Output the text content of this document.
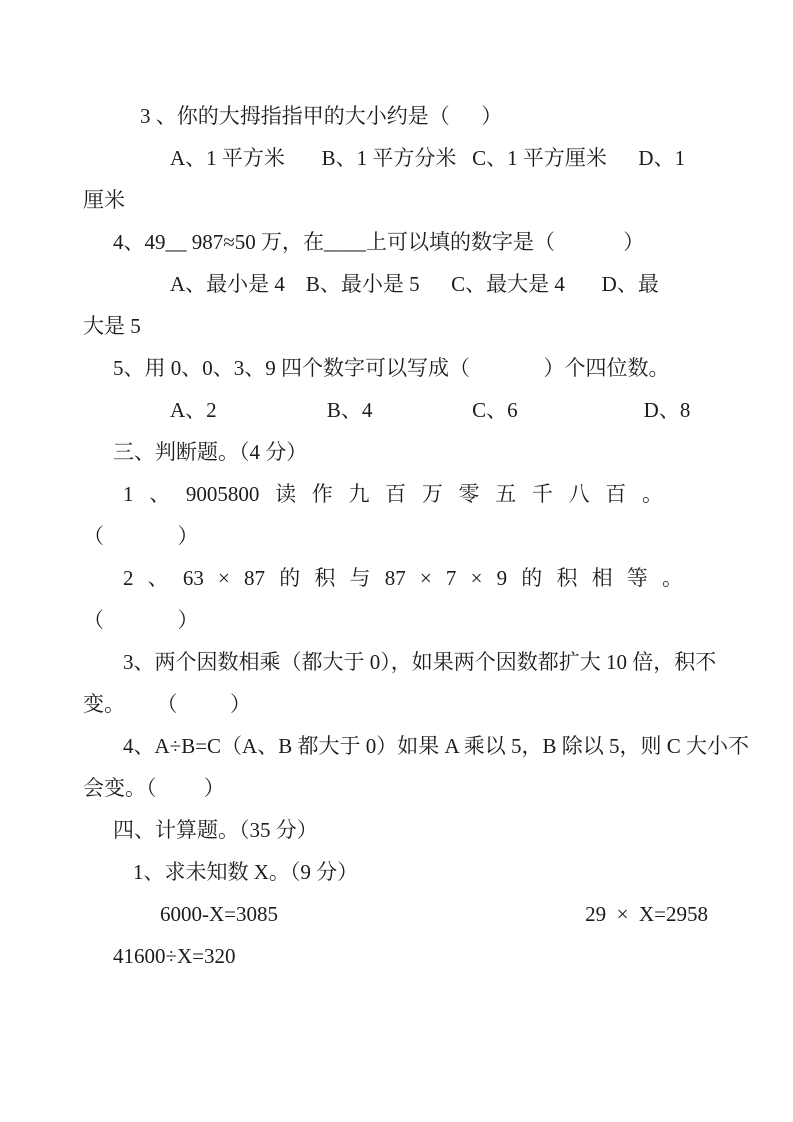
3 、你的大拇指指甲的大小约是（      ）
A、1 平方米       B、1 平方分米   C、1 平方厘米      D、1
厘米
4、49__ 987≈50 万，在____上可以填的数字是（             ）
A、最小是 4    B、最小是 5      C、最大是 4       D、最
大是 5
5、用 0、0、3、9 四个数字可以写成（              ）个四位数。
A、2                     B、4                   C、6                        D、8
三、判断题。（4 分）
1 、 9005800 读 作 九 百 万 零 五 千 八 百 。
（              ）
2 、 63 × 87 的 积 与 87 × 7 × 9 的 积 相 等 。
（              ）
3、两个因数相乘（都大于 0），如果两个因数都扩大 10 倍，积不
变。      （          ）
4、A÷B=C（A、B 都大于 0）如果 A 乘以 5，B 除以 5，则 C 大小不
会变。（         ）
四、计算题。（35 分）
1、求未知数 X。（9 分）
6000-X=3085	29  ×  X=2958
41600÷X=320
